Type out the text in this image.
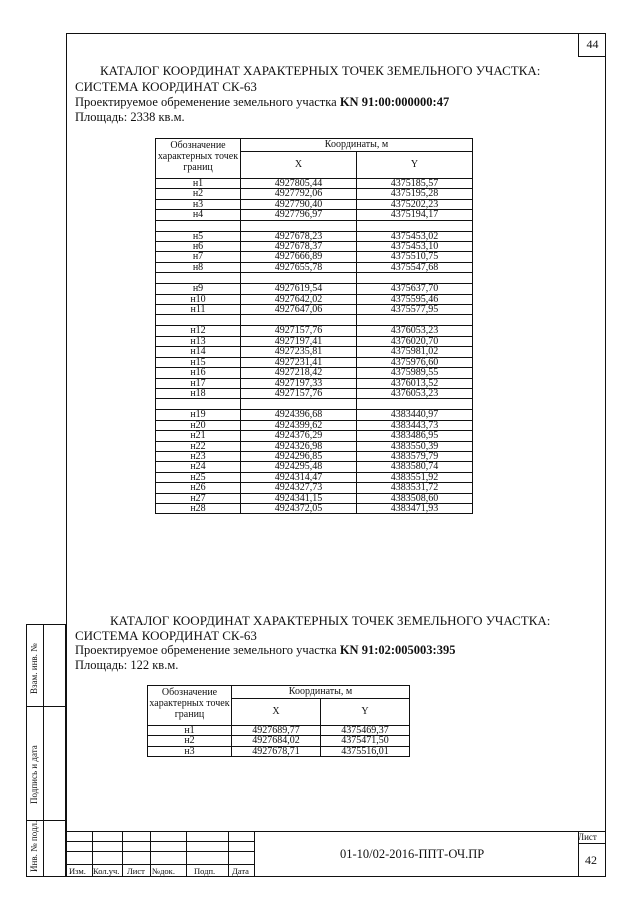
44
КАТАЛОГ КООРДИНАТ ХАРАКТЕРНЫХ ТОЧЕК ЗЕМЕЛЬНОГО УЧАСТКА:
СИСТЕМА КООРДИНАТ СК-63
Проектируемое обременение земельного участка KN 91:00:000000:47
Площадь: 2338 кв.м.
Обозначение характерных точек границ	Координаты, м	
	X	Y
н1	4927805,44	4375185,57
н2	4927792,06	4375195,28
н3	4927790,40	4375202,23
н4	4927796,97	4375194,17

н5	4927678,23	4375453,02
н6	4927678,37	4375453,10
н7	4927666,89	4375510,75
н8	4927655,78	4375547,68

н9	4927619,54	4375637,70
н10	4927642,02	4375595,46
н11	4927647,06	4375577,95

н12	4927157,76	4376053,23
н13	4927197,41	4376020,70
н14	4927235,81	4375981,02
н15	4927231,41	4375976,60
н16	4927218,42	4375989,55
н17	4927197,33	4376013,52
н18	4927157,76	4376053,23

н19	4924396,68	4383440,97
н20	4924399,62	4383443,73
н21	4924376,29	4383486,95
н22	4924326,98	4383550,39
н23	4924296,85	4383579,79
н24	4924295,48	4383580,74
н25	4924314,47	4383551,92
н26	4924327,73	4383531,72
н27	4924341,15	4383508,60
н28	4924372,05	4383471,93
КАТАЛОГ КООРДИНАТ ХАРАКТЕРНЫХ ТОЧЕК ЗЕМЕЛЬНОГО УЧАСТКА:
СИСТЕМА КООРДИНАТ СК-63
Проектируемое обременение земельного участка KN 91:02:005003:395
Площадь: 122 кв.м.
Обозначение характерных точек границ	Координаты, м	
	X	Y
н1	4927689,77	4375469,37
н2	4927684,02	4375471,50
н3	4927678,71	4375516,01
Взам. инв. №
Подпись и дата
Инв. № подл.	Изм. Кол.уч. Лист №док. Подп. Дата
01-10/02-2016-ППТ-ОЧ.ПР
Лист
42
